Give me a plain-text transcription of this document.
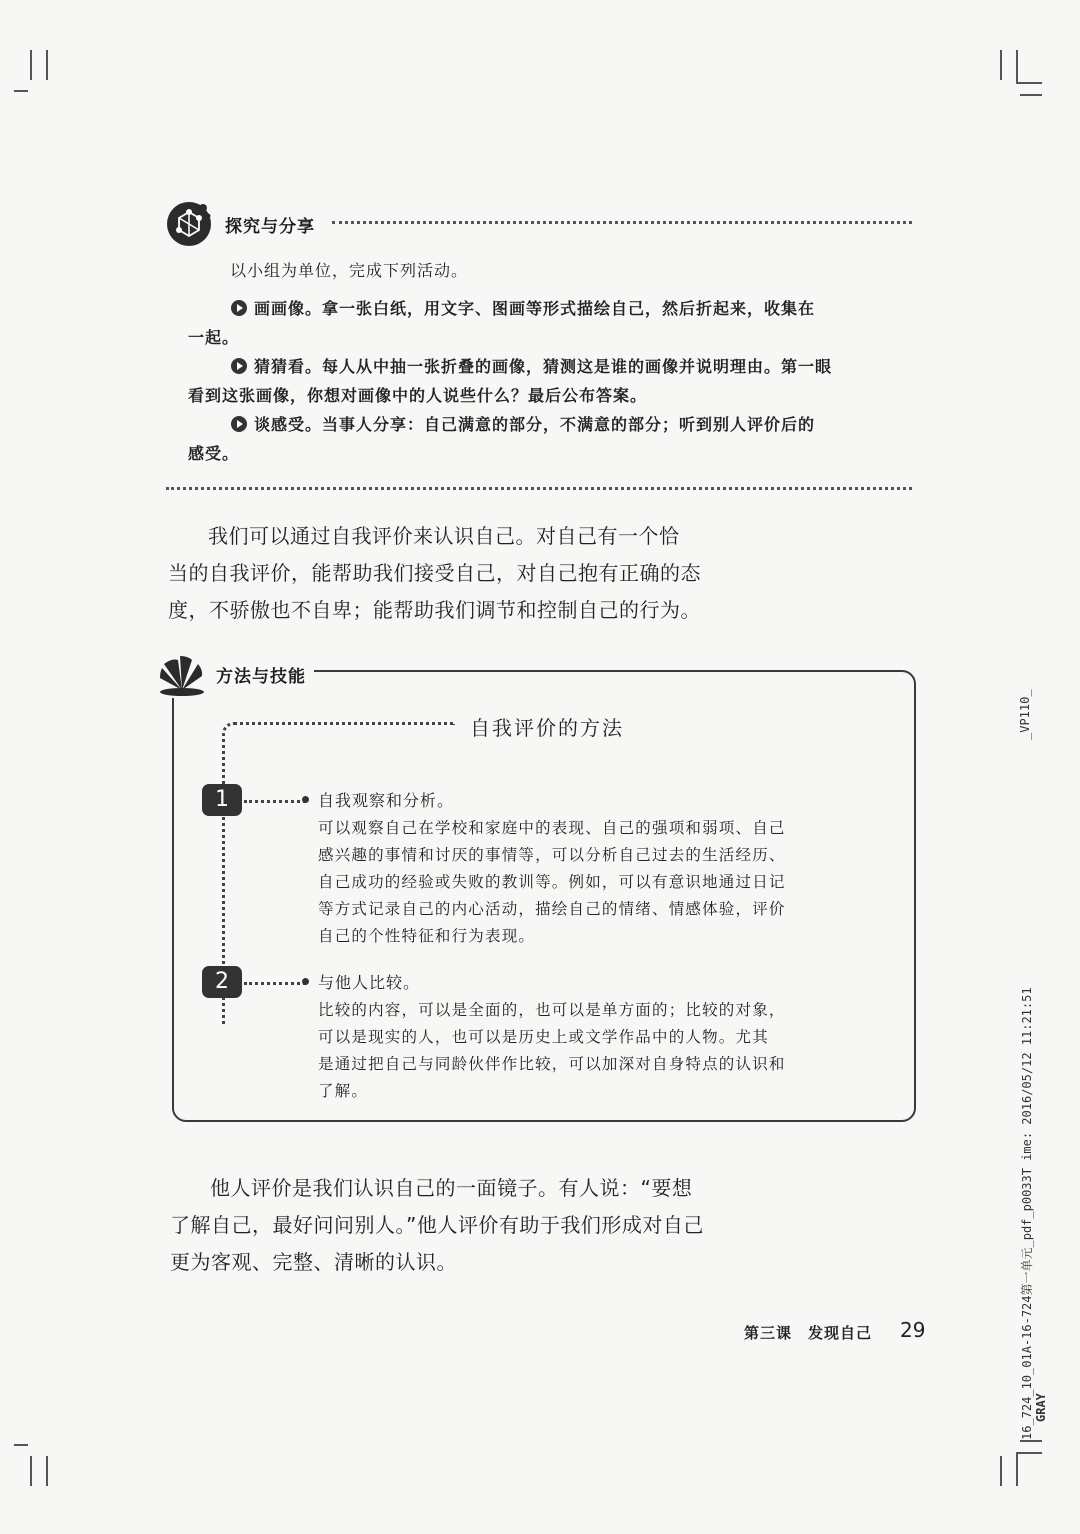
探究与分享
以小组为单位，完成下列活动。
画画像。拿一张白纸，用文字、图画等形式描绘自己，然后折起来，收集在
一起。
猜猜看。每人从中抽一张折叠的画像，猜测这是谁的画像并说明理由。第一眼
看到这张画像，你想对画像中的人说些什么？最后公布答案。
谈感受。当事人分享：自己满意的部分，不满意的部分；听到别人评价后的
感受。
我们可以通过自我评价来认识自己。对自己有一个恰
当的自我评价，能帮助我们接受自己，对自己抱有正确的态
度，不骄傲也不自卑；能帮助我们调节和控制自己的行为。
方法与技能
自我评价的方法
1	自我观察和分析。
可以观察自己在学校和家庭中的表现、自己的强项和弱项、自己
感兴趣的事情和讨厌的事情等，可以分析自己过去的生活经历、
自己成功的经验或失败的教训等。例如，可以有意识地通过日记
等方式记录自己的内心活动，描绘自己的情绪、情感体验，评价
自己的个性特征和行为表现。
2	与他人比较。
比较的内容，可以是全面的，也可以是单方面的；比较的对象，
可以是现实的人，也可以是历史上或文学作品中的人物。尤其
是通过把自己与同龄伙伴作比较，可以加深对自身特点的认识和
了解。
他人评价是我们认识自己的一面镜子。有人说：“要想
了解自己，最好问问别人。”他人评价有助于我们形成对自己
更为客观、完整、清晰的认识。
第三课　发现自己 29
_VP110_
16_724_10_01A-16-724第一单元_pdf_p0033T ime: 2016/05/12 11:21:51 GRAY
